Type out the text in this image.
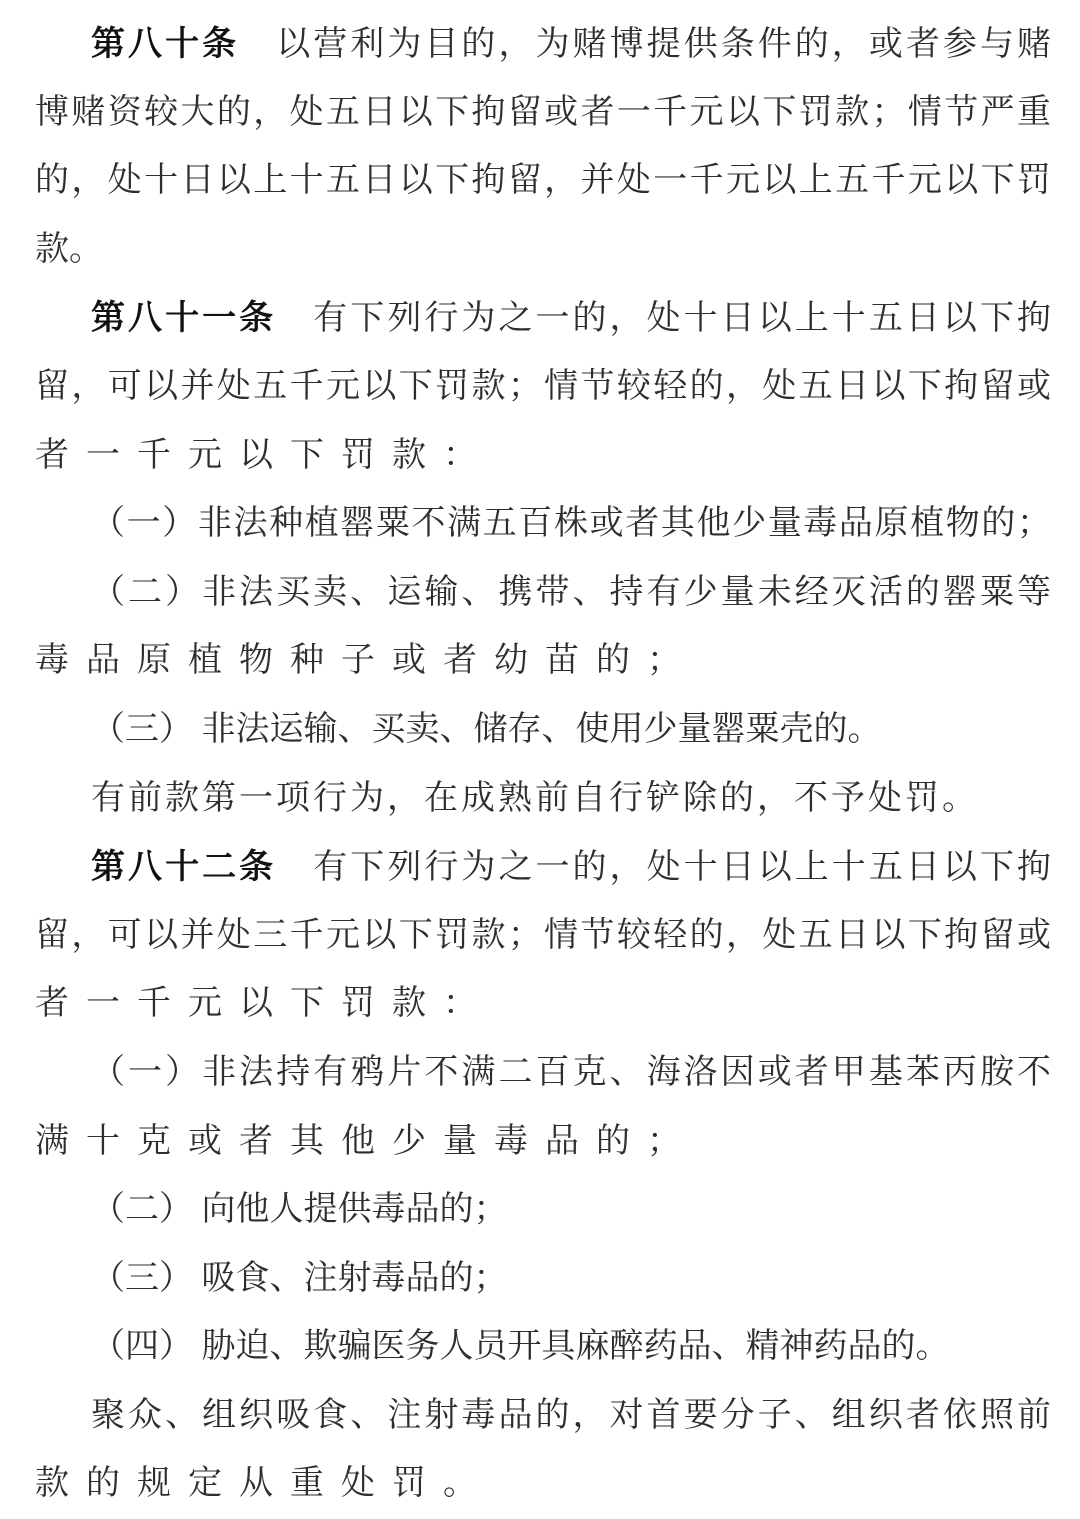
第八十条　以营利为目的，为赌博提供条件的，或者参与赌
博赌资较大的，处五日以下拘留或者一千元以下罚款；情节严重
的，处十日以上十五日以下拘留，并处一千元以上五千元以下罚
款。
第八十一条　有下列行为之一的，处十日以上十五日以下拘
留，可以并处五千元以下罚款；情节较轻的，处五日以下拘留或
者一千元以下罚款：
（一）非法种植罂粟不满五百株或者其他少量毒品原植物的；
（二）非法买卖、运输、携带、持有少量未经灭活的罂粟等
毒品原植物种子或者幼苗的；
（三） 非法运输、买卖、储存、使用少量罂粟壳的。
有前款第一项行为，在成熟前自行铲除的，不予处罚。
第八十二条　有下列行为之一的，处十日以上十五日以下拘
留，可以并处三千元以下罚款；情节较轻的，处五日以下拘留或
者一千元以下罚款：
（一）非法持有鸦片不满二百克、海洛因或者甲基苯丙胺不
满十克或者其他少量毒品的；
（二） 向他人提供毒品的；
（三） 吸食、注射毒品的；
（四） 胁迫、欺骗医务人员开具麻醉药品、精神药品的。
聚众、组织吸食、注射毒品的，对首要分子、组织者依照前
款的规定从重处罚。
